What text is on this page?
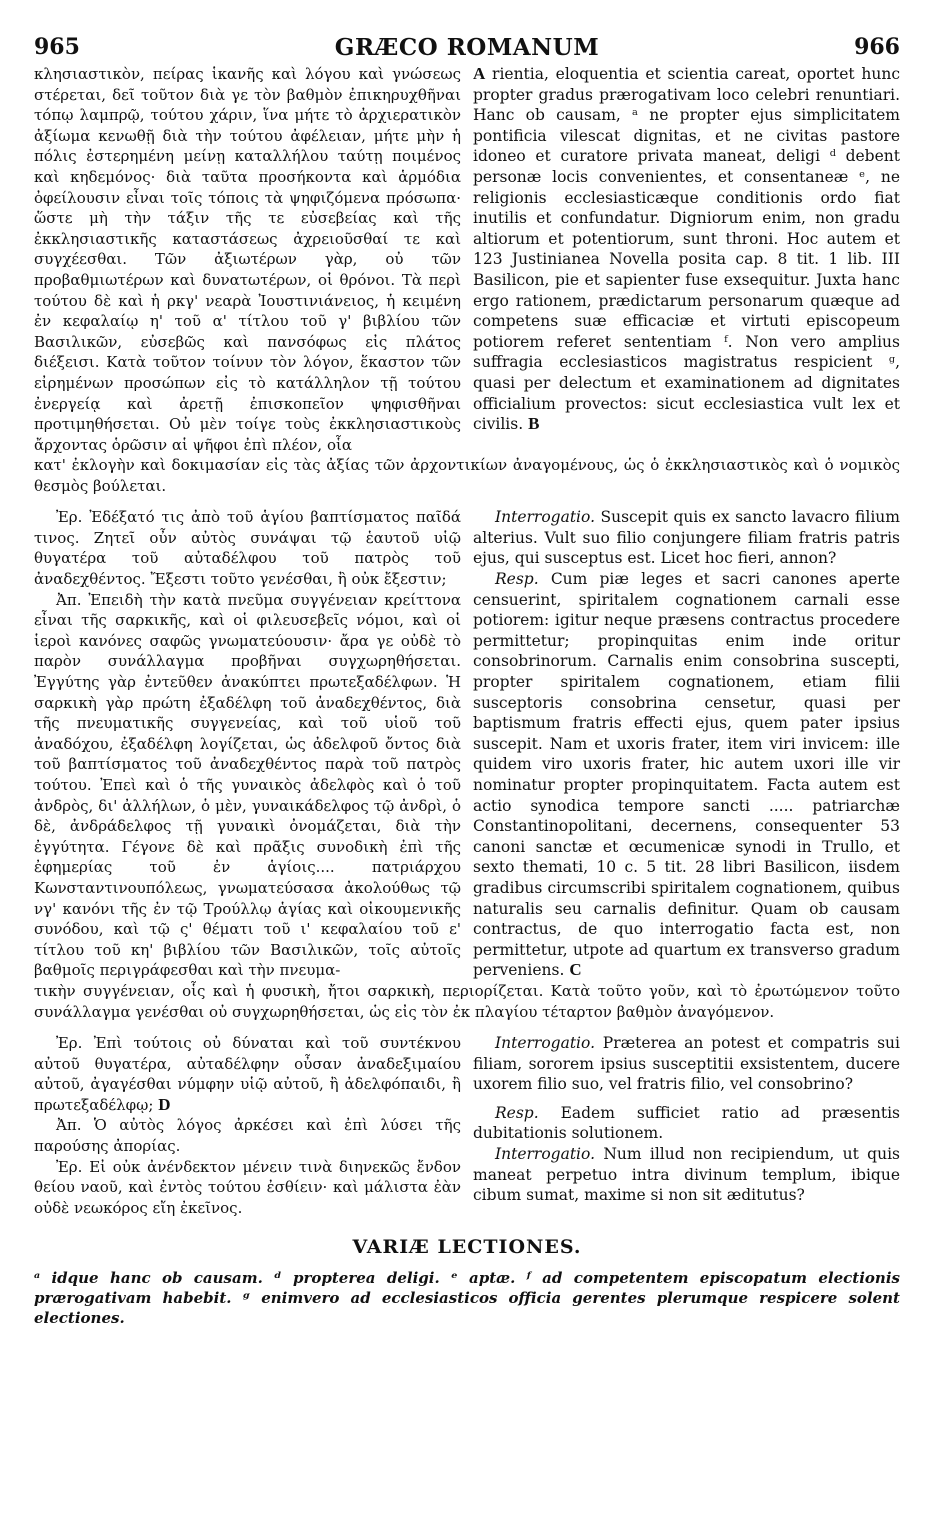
965	GRÆCO ROMANUM	966

κλησιαστικὸν, πείρας ἱκανῆς καὶ λόγου καὶ γνώσεως στέρεται, δεῖ τοῦτον διὰ γε τὸν βαθμὸν ἐπικηρυχθῆναι τόπῳ λαμπρῷ, τούτου χάριν, ἵνα μήτε τὸ ἀρχιερατικὸν ἀξίωμα κενωθῇ διὰ τὴν τούτου ἀφέλειαν, μήτε μὴν ἡ πόλις ἐστερημένη μείνῃ καταλλήλου ταύτῃ ποιμένος καὶ κηδεμόνος· διὰ ταῦτα προσήκοντα καὶ ἁρμόδια ὀφείλουσιν εἶναι τοῖς τόποις τὰ ψηφιζόμενα πρόσωπα· ὥστε μὴ τὴν τάξιν τῆς τε εὐσεβείας καὶ τῆς ἐκκλησιαστικῆς καταστάσεως ἀχρειοῦσθαί τε καὶ συγχέεσθαι. Τῶν ἀξιωτέρων γὰρ, οὐ τῶν προβαθμιωτέρων καὶ δυνατωτέρων, οἱ θρόνοι. Τὰ περὶ τούτου δὲ καὶ ἡ ρκγ' νεαρὰ Ἰουστινιάνειος, ἡ κειμένη ἐν κεφαλαίῳ η' τοῦ α' τίτλου τοῦ γ' βιβλίου τῶν Βασιλικῶν, εὐσεβῶς καὶ πανσόφως εἰς πλάτος διέξεισι. Κατὰ τοῦτον τοίνυν τὸν λόγον, ἕκαστον τῶν εἰρημένων προσώπων εἰς τὸ κατάλληλον τῇ τούτου ἐνεργείᾳ καὶ ἀρετῇ ἐπισκοπεῖον ψηφισθῆναι προτιμηθήσεται. Οὐ μὲν τοίγε τοὺς ἐκκλησιαστικοὺς ἄρχοντας ὁρῶσιν αἱ ψῆφοι ἐπὶ πλέον, οἷα

A rientia, eloquentia et scientia careat, oportet hunc propter gradus prærogativam loco celebri renuntiari. Hanc ob causam, ᵃ ne propter ejus simplicitatem pontificia vilescat dignitas, et ne civitas pastore idoneo et curatore privata maneat, deligi ᵈ debent personæ locis convenientes, et consentaneæ ᵉ, ne religionis ecclesiasticæque conditionis ordo fiat inutilis et confundatur. Digniorum enim, non gradu altiorum et potentiorum, sunt throni. Hoc autem et 123 Justinianea Novella posita cap. 8 tit. 1 lib. III Basilicon, pie et sapienter fuse exsequitur. Juxta hanc ergo rationem, prædictarum personarum quæque ad competens suæ efficaciæ et virtuti episcopeum potiorem referet sententiam ᶠ. Non vero amplius suffragia ecclesiasticos magistratus respicient ᵍ, quasi per delectum et examinationem ad dignitates officialium provectos: sicut ecclesiastica vult lex et civilis. B

κατ' ἐκλογὴν καὶ δοκιμασίαν εἰς τὰς ἀξίας τῶν ἀρχοντικίων ἀναγομένους, ὡς ὁ ἐκκλησιαστικὸς καὶ ὁ νομικὸς θεσμὸς βούλεται.

Ἐρ. Ἐδέξατό τις ἀπὸ τοῦ ἁγίου βαπτίσματος παῖδά τινος. Ζητεῖ οὖν αὐτὸς συνάψαι τῷ ἑαυτοῦ υἱῷ θυγατέρα τοῦ αὐταδέλφου τοῦ πατρὸς τοῦ ἀναδεχθέντος. Ἔξεστι τοῦτο γενέσθαι, ἢ οὐκ ἔξεστιν;

Ἀπ. Ἐπειδὴ τὴν κατὰ πνεῦμα συγγένειαν κρείττονα εἶναι τῆς σαρκικῆς, καὶ οἱ φιλευσεβεῖς νόμοι, καὶ οἱ ἱεροὶ κανόνες σαφῶς γνωματεύουσιν· ἄρα γε οὐδὲ τὸ παρὸν συνάλλαγμα προβῆναι συγχωρηθήσεται. Ἐγγύτης γὰρ ἐντεῦθεν ἀνακύπτει πρωτεξαδέλφων. Ἡ σαρκικὴ γὰρ πρώτη ἐξαδέλφη τοῦ ἀναδεχθέντος, διὰ τῆς πνευματικῆς συγγενείας, καὶ τοῦ υἱοῦ τοῦ ἀναδόχου, ἐξαδέλφη λογίζεται, ὡς ἀδελφοῦ ὄντος διὰ τοῦ βαπτίσματος τοῦ ἀναδεχθέντος παρὰ τοῦ πατρὸς τούτου. Ἐπεὶ καὶ ὁ τῆς γυναικὸς ἀδελφὸς καὶ ὁ τοῦ ἀνδρὸς, δι' ἀλλήλων, ὁ μὲν, γυναικάδελφος τῷ ἀνδρὶ, ὁ δὲ, ἀνδράδελφος τῇ γυναικὶ ὀνομάζεται, διὰ τὴν ἐγγύτητα. Γέγονε δὲ καὶ πρᾶξις συνοδικὴ ἐπὶ τῆς ἐφημερίας τοῦ ἐν ἁγίοις.... πατριάρχου Κωνσταντινουπόλεως, γνωματεύσασα ἀκολούθως τῷ νγ' κανόνι τῆς ἐν τῷ Τρούλλῳ ἁγίας καὶ οἰκουμενικῆς συνόδου, καὶ τῷ ς' θέματι τοῦ ι' κεφαλαίου τοῦ ε' τίτλου τοῦ κη' βιβλίου τῶν Βασιλικῶν, τοῖς αὐτοῖς βαθμοῖς περιγράφεσθαι καὶ τὴν πνευμα-

Interrogatio. Suscepit quis ex sancto lavacro filium alterius. Vult suo filio conjungere filiam fratris patris ejus, qui susceptus est. Licet hoc fieri, annon?

Resp. Cum piæ leges et sacri canones aperte censuerint, spiritalem cognationem carnali esse potiorem: igitur neque præsens contractus procedere permittetur; propinquitas enim inde oritur consobrinorum. Carnalis enim consobrina suscepti, propter spiritalem cognationem, etiam filii susceptoris consobrina censetur, quasi per baptismum fratris effecti ejus, quem pater ipsius suscepit. Nam et uxoris frater, item viri invicem: ille quidem viro uxoris frater, hic autem uxori ille vir nominatur propter propinquitatem. Facta autem est actio synodica tempore sancti ..... patriarchæ Constantinopolitani, decernens, consequenter 53 canoni sanctæ et œcumenicæ synodi in Trullo, et sexto themati, 10 c. 5 tit. 28 libri Basilicon, iisdem gradibus circumscribi spiritalem cognationem, quibus naturalis seu carnalis definitur. Quam ob causam contractus, de quo interrogatio facta est, non permittetur, utpote ad quartum ex transverso gradum perveniens. C

τικὴν συγγένειαν, οἷς καὶ ἡ φυσικὴ, ἤτοι σαρκικὴ, περιορίζεται. Κατὰ τοῦτο γοῦν, καὶ τὸ ἐρωτώμενον τοῦτο συνάλλαγμα γενέσθαι οὐ συγχωρηθήσεται, ὡς εἰς τὸν ἐκ πλαγίου τέταρτον βαθμὸν ἀναγόμενον.

Ἐρ. Ἐπὶ τούτοις οὐ δύναται καὶ τοῦ συντέκνου αὐτοῦ θυγατέρα, αὐταδέλφην οὖσαν ἀναδεξιμαίου αὐτοῦ, ἀγαγέσθαι νύμφην υἱῷ αὐτοῦ, ἢ ἀδελφόπαιδι, ἢ πρωτεξαδέλφῳ; D

Ἀπ. Ὁ αὐτὸς λόγος ἀρκέσει καὶ ἐπὶ λύσει τῆς παρούσης ἀπορίας.

Ἐρ. Εἰ οὐκ ἀνένδεκτον μένειν τινὰ διηνεκῶς ἔνδον θείου ναοῦ, καὶ ἐντὸς τούτου ἐσθίειν· καὶ μάλιστα ἐὰν οὐδὲ νεωκόρος εἴη ἐκεῖνος.

Interrogatio. Præterea an potest et compatris sui filiam, sororem ipsius susceptitii exsistentem, ducere uxorem filio suo, vel fratris filio, vel consobrino?

Resp. Eadem sufficiet ratio ad præsentis dubitationis solutionem.

Interrogatio. Num illud non recipiendum, ut quis maneat perpetuo intra divinum templum, ibique cibum sumat, maxime si non sit æditutus?

VARIÆ LECTIONES.
ᵃ idque hanc ob causam. ᵈ propterea deligi. ᵉ aptæ. ᶠ ad competentem episcopatum electionis prærogativam habebit. ᵍ enimvero ad ecclesiasticos officia gerentes plerumque respicere solent electiones.
